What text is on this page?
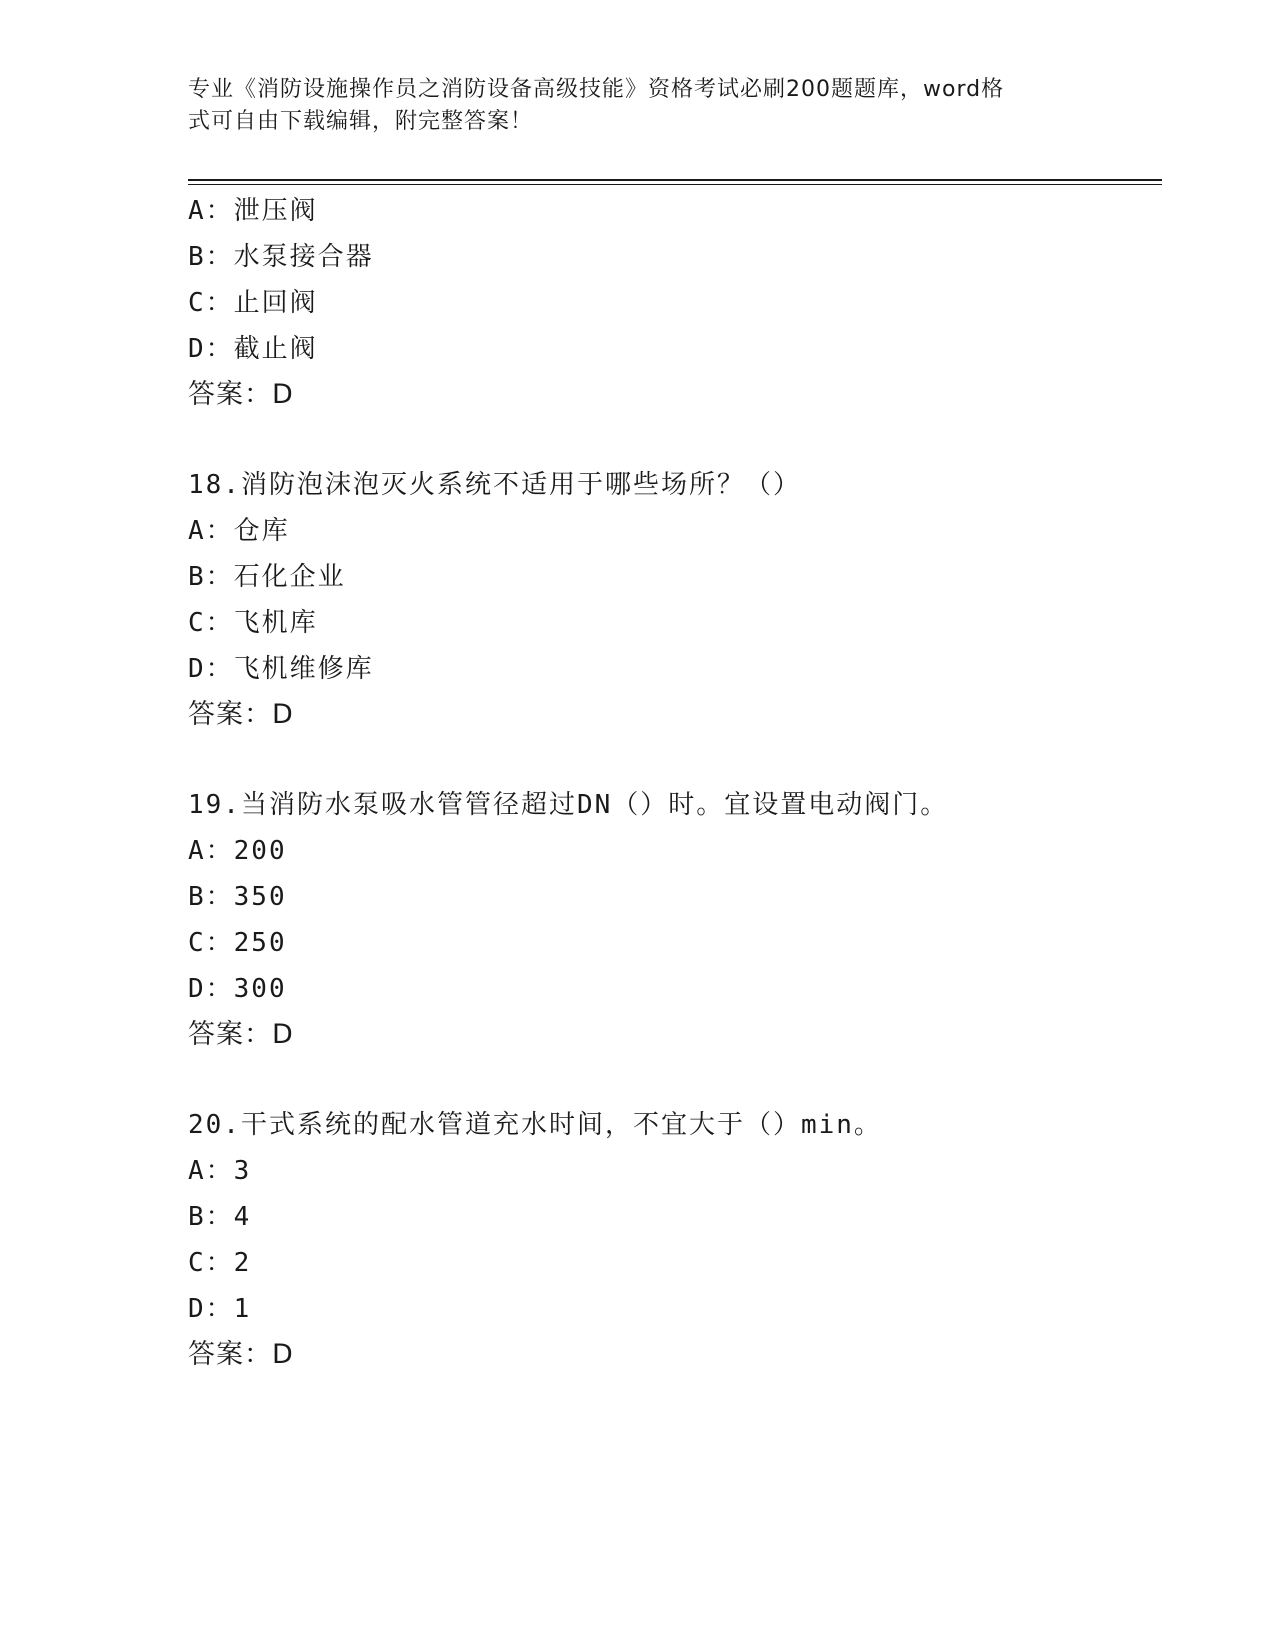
专业《消防设施操作员之消防设备高级技能》资格考试必刷200题题库，word格
式可自由下载编辑，附完整答案！
A：泄压阀
B：水泵接合器
C：止回阀
D：截止阀
答案：D
18.消防泡沫泡灭火系统不适用于哪些场所？（）
A：仓库
B：石化企业
C：飞机库
D：飞机维修库
答案：D
19.当消防水泵吸水管管径超过DN（）时。宜设置电动阀门。
A：200
B：350
C：250
D：300
答案：D
20.干式系统的配水管道充水时间，不宜大于（）min。
A：3
B：4
C：2
D：1
答案：D
